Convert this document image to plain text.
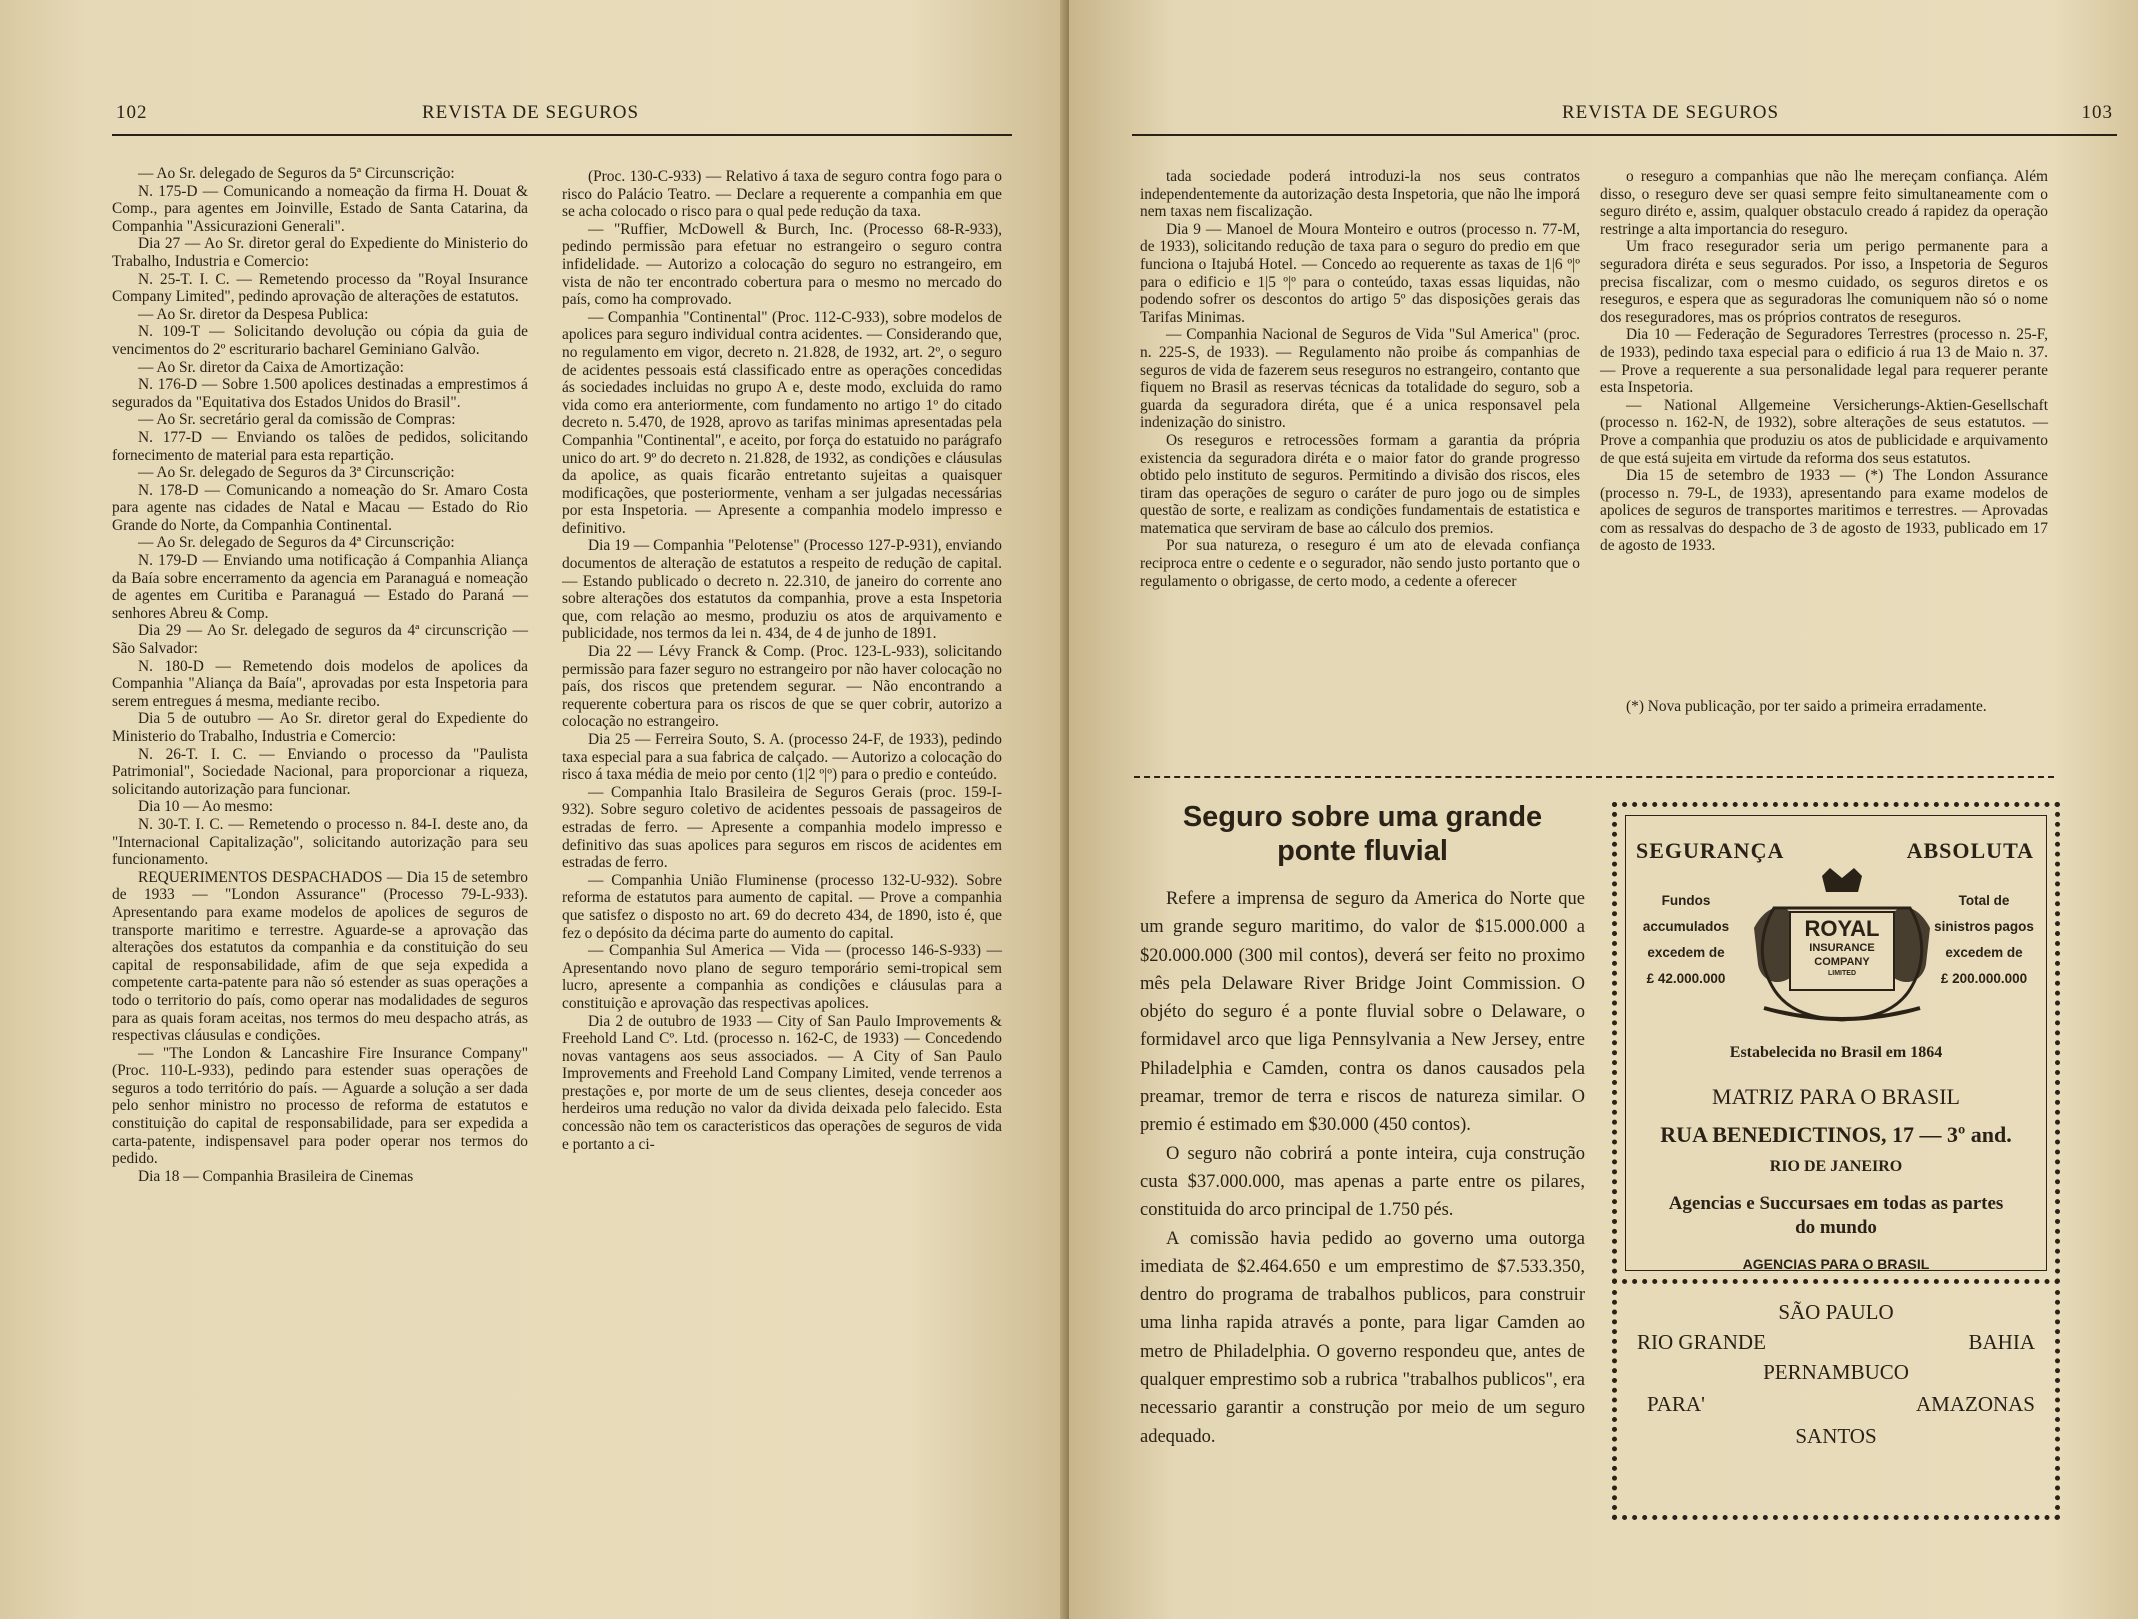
102	REVISTA DE SEGUROS

— Ao Sr. delegado de Seguros da 5ª Circunscrição:

N. 175-D — Comunicando a nomeação da firma H. Douat & Comp., para agentes em Joinville, Estado de Santa Catarina, da Companhia "Assicurazioni Generali".

Dia 27 — Ao Sr. diretor geral do Expediente do Ministerio do Trabalho, Industria e Comercio:

N. 25-T. I. C. — Remetendo processo da "Royal Insurance Company Limited", pedindo aprovação de alterações de estatutos.

— Ao Sr. diretor da Despesa Publica:

N. 109-T — Solicitando devolução ou cópia da guia de vencimentos do 2º escriturario bacharel Geminiano Galvão.

— Ao Sr. diretor da Caixa de Amortização:

N. 176-D — Sobre 1.500 apolices destinadas a emprestimos á segurados da "Equitativa dos Estados Unidos do Brasil".

— Ao Sr. secretário geral da comissão de Compras:

N. 177-D — Enviando os talões de pedidos, solicitando fornecimento de material para esta repartição.

— Ao Sr. delegado de Seguros da 3ª Circunscrição:

N. 178-D — Comunicando a nomeação do Sr. Amaro Costa para agente nas cidades de Natal e Macau — Estado do Rio Grande do Norte, da Companhia Continental.

— Ao Sr. delegado de Seguros da 4ª Circunscrição:

N. 179-D — Enviando uma notificação á Companhia Aliança da Baía sobre encerramento da agencia em Paranaguá e nomeação de agentes em Curitiba e Paranaguá — Estado do Paraná — senhores Abreu & Comp.

Dia 29 — Ao Sr. delegado de seguros da 4ª circunscrição — São Salvador:

N. 180-D — Remetendo dois modelos de apolices da Companhia "Aliança da Baía", aprovadas por esta Inspetoria para serem entregues á mesma, mediante recibo.

Dia 5 de outubro — Ao Sr. diretor geral do Expediente do Ministerio do Trabalho, Industria e Comercio:

N. 26-T. I. C. — Enviando o processo da "Paulista Patrimonial", Sociedade Nacional, para proporcionar a riqueza, solicitando autorização para funcionar.

Dia 10 — Ao mesmo:

N. 30-T. I. C. — Remetendo o processo n. 84-I. deste ano, da "Internacional Capitalização", solicitando autorização para seu funcionamento.

REQUERIMENTOS DESPACHADOS — Dia 15 de setembro de 1933 — "London Assurance" (Processo 79-L-933). Apresentando para exame modelos de apolices de seguros de transporte maritimo e terrestre. Aguarde-se a aprovação das alterações dos estatutos da companhia e da constituição do seu capital de responsabilidade, afim de que seja expedida a competente carta-patente para não só estender as suas operações a todo o territorio do país, como operar nas modalidades de seguros para as quais foram aceitas, nos termos do meu despacho atrás, as respectivas cláusulas e condições.

— "The London & Lancashire Fire Insurance Company" (Proc. 110-L-933), pedindo para estender suas operações de seguros a todo território do país. — Aguarde a solução a ser dada pelo senhor ministro no processo de reforma de estatutos e constituição do capital de responsabilidade, para ser expedida a carta-patente, indispensavel para poder operar nos termos do pedido.

Dia 18 — Companhia Brasileira de Cinemas

(Proc. 130-C-933) — Relativo á taxa de seguro contra fogo para o risco do Palácio Teatro. — Declare a requerente a companhia em que se acha colocado o risco para o qual pede redução da taxa.

— "Ruffier, McDowell & Burch, Inc. (Processo 68-R-933), pedindo permissão para efetuar no estrangeiro o seguro contra infidelidade. — Autorizo a colocação do seguro no estrangeiro, em vista de não ter encontrado cobertura para o mesmo no mercado do país, como ha comprovado.

— Companhia "Continental" (Proc. 112-C-933), sobre modelos de apolices para seguro individual contra acidentes. — Considerando que, no regulamento em vigor, decreto n. 21.828, de 1932, art. 2º, o seguro de acidentes pessoais está classificado entre as operações concedidas ás sociedades incluidas no grupo A e, deste modo, excluida do ramo vida como era anteriormente, com fundamento no artigo 1º do citado decreto n. 5.470, de 1928, aprovo as tarifas minimas apresentadas pela Companhia "Continental", e aceito, por força do estatuido no parágrafo unico do art. 9º do decreto n. 21.828, de 1932, as condições e cláusulas da apolice, as quais ficarão entretanto sujeitas a quaisquer modificações, que posteriormente, venham a ser julgadas necessárias por esta Inspetoria. — Apresente a companhia modelo impresso e definitivo.

Dia 19 — Companhia "Pelotense" (Processo 127-P-931), enviando documentos de alteração de estatutos a respeito de redução de capital. — Estando publicado o decreto n. 22.310, de janeiro do corrente ano sobre alterações dos estatutos da companhia, prove a esta Inspetoria que, com relação ao mesmo, produziu os atos de arquivamento e publicidade, nos termos da lei n. 434, de 4 de junho de 1891.

Dia 22 — Lévy Franck & Comp. (Proc. 123-L-933), solicitando permissão para fazer seguro no estrangeiro por não haver colocação no país, dos riscos que pretendem segurar. — Não encontrando a requerente cobertura para os riscos de que se quer cobrir, autorizo a colocação no estrangeiro.

Dia 25 — Ferreira Souto, S. A. (processo 24-F, de 1933), pedindo taxa especial para a sua fabrica de calçado. — Autorizo a colocação do risco á taxa média de meio por cento (1|2 º|º) para o predio e conteúdo.

— Companhia Italo Brasileira de Seguros Gerais (proc. 159-I-932). Sobre seguro coletivo de acidentes pessoais de passageiros de estradas de ferro. — Apresente a companhia modelo impresso e definitivo das suas apolices para seguros em riscos de acidentes em estradas de ferro.

— Companhia União Fluminense (processo 132-U-932). Sobre reforma de estatutos para aumento de capital. — Prove a companhia que satisfez o disposto no art. 69 do decreto 434, de 1890, isto é, que fez o depósito da décima parte do aumento do capital.

— Companhia Sul America — Vida — (processo 146-S-933) — Apresentando novo plano de seguro temporário semi-tropical sem lucro, apresente a companhia as condições e cláusulas para a constituição e aprovação das respectivas apolices.

Dia 2 de outubro de 1933 — City of San Paulo Improvements & Freehold Land Cº. Ltd. (processo n. 162-C, de 1933) — Concedendo novas vantagens aos seus associados. — A City of San Paulo Improvements and Freehold Land Company Limited, vende terrenos a prestações e, por morte de um de seus clientes, deseja conceder aos herdeiros uma redução no valor da divida deixada pelo falecido. Esta concessão não tem os caracteristicos das operações de seguros de vida e portanto a ci-

REVISTA DE SEGUROS	103

tada sociedade poderá introduzi-la nos seus contratos independentemente da autorização desta Inspetoria, que não lhe imporá nem taxas nem fiscalização.

Dia 9 — Manoel de Moura Monteiro e outros (processo n. 77-M, de 1933), solicitando redução de taxa para o seguro do predio em que funciona o Itajubá Hotel. — Concedo ao requerente as taxas de 1|6 º|º para o edificio e 1|5 º|º para o conteúdo, taxas essas liquidas, não podendo sofrer os descontos do artigo 5º das disposições gerais das Tarifas Minimas.

— Companhia Nacional de Seguros de Vida "Sul America" (proc. n. 225-S, de 1933). — Regulamento não proibe ás companhias de seguros de vida de fazerem seus reseguros no estrangeiro, contanto que fiquem no Brasil as reservas técnicas da totalidade do seguro, sob a guarda da seguradora diréta, que é a unica responsavel pela indenização do sinistro.

Os reseguros e retrocessões formam a garantia da própria existencia da seguradora diréta e o maior fator do grande progresso obtido pelo instituto de seguros. Permitindo a divisão dos riscos, eles tiram das operações de seguro o caráter de puro jogo ou de simples questão de sorte, e realizam as condições fundamentais de estatistica e matematica que serviram de base ao cálculo dos premios.

Por sua natureza, o reseguro é um ato de elevada confiança reciproca entre o cedente e o segurador, não sendo justo portanto que o regulamento o obrigasse, de certo modo, a cedente a oferecer

o reseguro a companhias que não lhe mereçam confiança. Além disso, o reseguro deve ser quasi sempre feito simultaneamente com o seguro diréto e, assim, qualquer obstaculo creado á rapidez da operação restringe a alta importancia do reseguro.

Um fraco resegurador seria um perigo permanente para a seguradora diréta e seus segurados. Por isso, a Inspetoria de Seguros precisa fiscalizar, com o mesmo cuidado, os seguros diretos e os reseguros, e espera que as seguradoras lhe comuniquem não só o nome dos reseguradores, mas os próprios contratos de reseguros.

Dia 10 — Federação de Seguradores Terrestres (processo n. 25-F, de 1933), pedindo taxa especial para o edificio á rua 13 de Maio n. 37. — Prove a requerente a sua personalidade legal para requerer perante esta Inspetoria.

— National Allgemeine Versicherungs-Aktien-Gesellschaft (processo n. 162-N, de 1932), sobre alterações de seus estatutos. — Prove a companhia que produziu os atos de publicidade e arquivamento de que está sujeita em virtude da reforma dos seus estatutos.

Dia 15 de setembro de 1933 — (*) The London Assurance (processo n. 79-L, de 1933), apresentando para exame modelos de apolices de seguros de transportes maritimos e terrestres. — Aprovadas com as ressalvas do despacho de 3 de agosto de 1933, publicado em 17 de agosto de 1933.

(*) Nova publicação, por ter saido a primeira erradamente.

Seguro sobre uma grande ponte fluvial

Refere a imprensa de seguro da America do Norte que um grande seguro maritimo, do valor de $15.000.000 a $20.000.000 (300 mil contos), deverá ser feito no proximo mês pela Delaware River Bridge Joint Commission. O objéto do seguro é a ponte fluvial sobre o Delaware, o formidavel arco que liga Pennsylvania a New Jersey, entre Philadelphia e Camden, contra os danos causados pela preamar, tremor de terra e riscos de natureza similar. O premio é estimado em $30.000 (450 contos).

O seguro não cobrirá a ponte inteira, cuja construção custa $37.000.000, mas apenas a parte entre os pilares, constituida do arco principal de 1.750 pés.

A comissão havia pedido ao governo uma outorga imediata de $2.464.650 e um emprestimo de $7.533.350, dentro do programa de trabalhos publicos, para construir uma linha rapida através a ponte, para ligar Camden ao metro de Philadelphia. O governo respondeu que, antes de qualquer emprestimo sob a rubrica "trabalhos publicos", era necessario garantir a construção por meio de um seguro adequado.

SEGURANÇA	ABSOLUTA
Fundos
accumulados
excedem de
£ 42.000.000
ROYAL
INSURANCE
COMPANY
LIMITED
Total de
sinistros pagos
excedem de
£ 200.000.000
Estabelecida no Brasil em 1864
MATRIZ PARA O BRASIL
RUA BENEDICTINOS, 17 — 3º and.
RIO DE JANEIRO
Agencias e Succursaes em todas as partes do mundo
AGENCIAS PARA O BRASIL
SÃO PAULO
RIO GRANDE	BAHIA
PERNAMBUCO
PARA'	AMAZONAS
SANTOS
